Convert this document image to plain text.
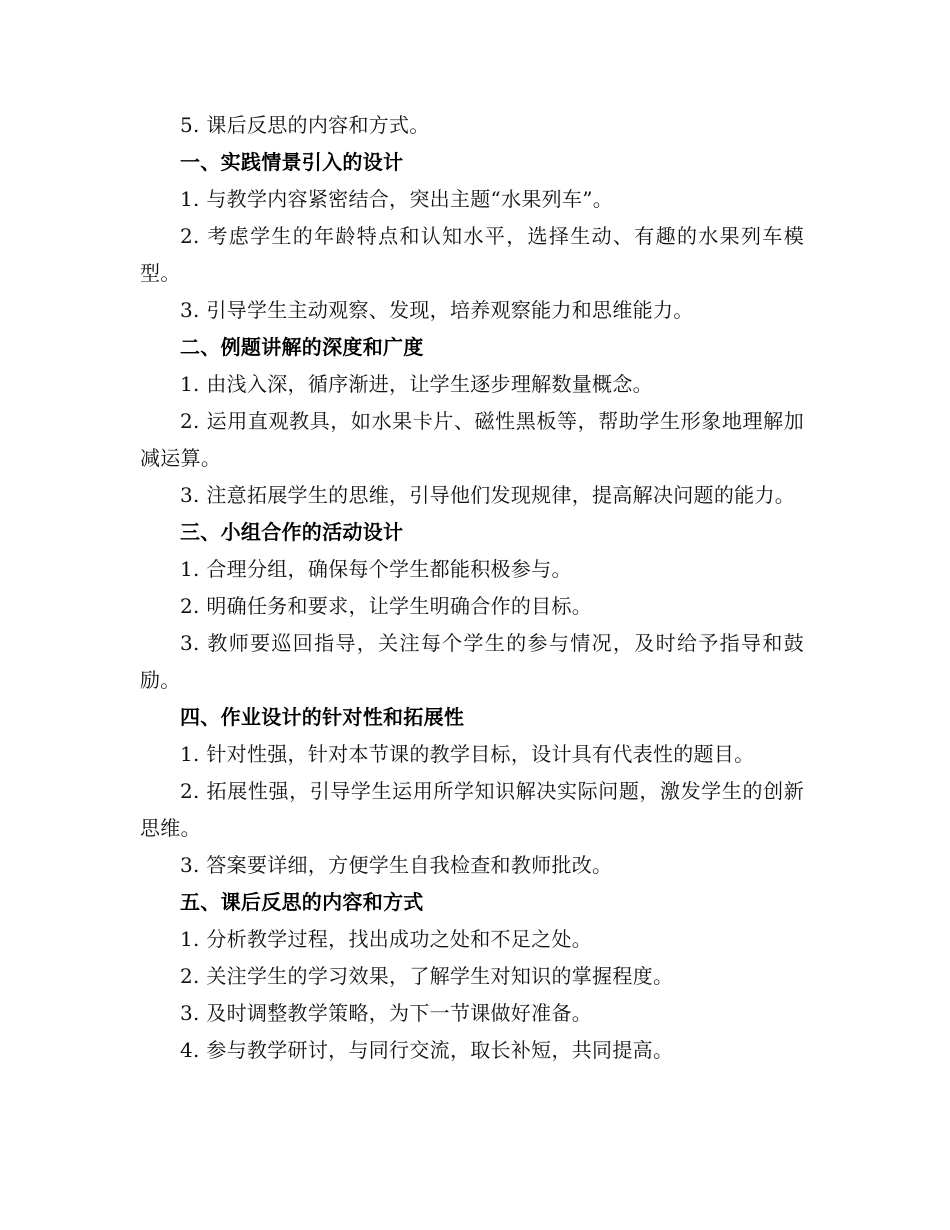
5. 课后反思的内容和方式。

一、实践情景引入的设计

1. 与教学内容紧密结合，突出主题“水果列车”。

2. 考虑学生的年龄特点和认知水平，选择生动、有趣的水果列车模型。

3. 引导学生主动观察、发现，培养观察能力和思维能力。

二、例题讲解的深度和广度

1. 由浅入深，循序渐进，让学生逐步理解数量概念。

2. 运用直观教具，如水果卡片、磁性黑板等，帮助学生形象地理解加减运算。

3. 注意拓展学生的思维，引导他们发现规律，提高解决问题的能力。

三、小组合作的活动设计

1. 合理分组，确保每个学生都能积极参与。

2. 明确任务和要求，让学生明确合作的目标。

3. 教师要巡回指导，关注每个学生的参与情况，及时给予指导和鼓励。

四、作业设计的针对性和拓展性

1. 针对性强，针对本节课的教学目标，设计具有代表性的题目。

2. 拓展性强，引导学生运用所学知识解决实际问题，激发学生的创新思维。

3. 答案要详细，方便学生自我检查和教师批改。

五、课后反思的内容和方式

1. 分析教学过程，找出成功之处和不足之处。

2. 关注学生的学习效果，了解学生对知识的掌握程度。

3. 及时调整教学策略，为下一节课做好准备。

4. 参与教学研讨，与同行交流，取长补短，共同提高。
